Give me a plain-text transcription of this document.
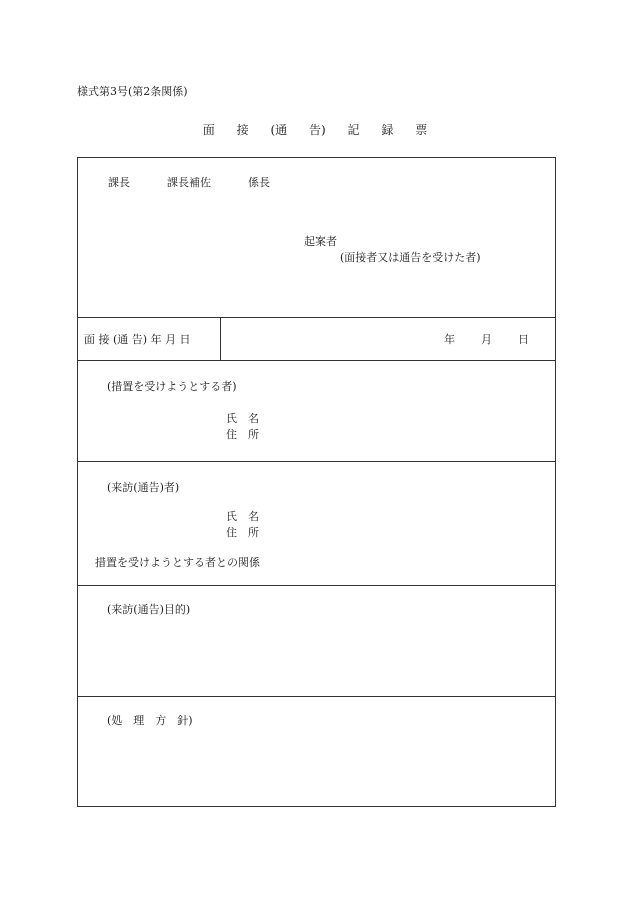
様式第3号(第2条関係)
面 接 (通 告) 記 録 票
課長	課長補佐	係長
起案者
(面接者又は通告を受けた者)
面 接 (通 告) 年 月 日	年 月 日
(措置を受けようとする者)
氏　名
住　所
(来訪(通告)者)
氏　名
住　所
措置を受けようとする者との関係
(来訪(通告)目的)
(処　理　方　針)
